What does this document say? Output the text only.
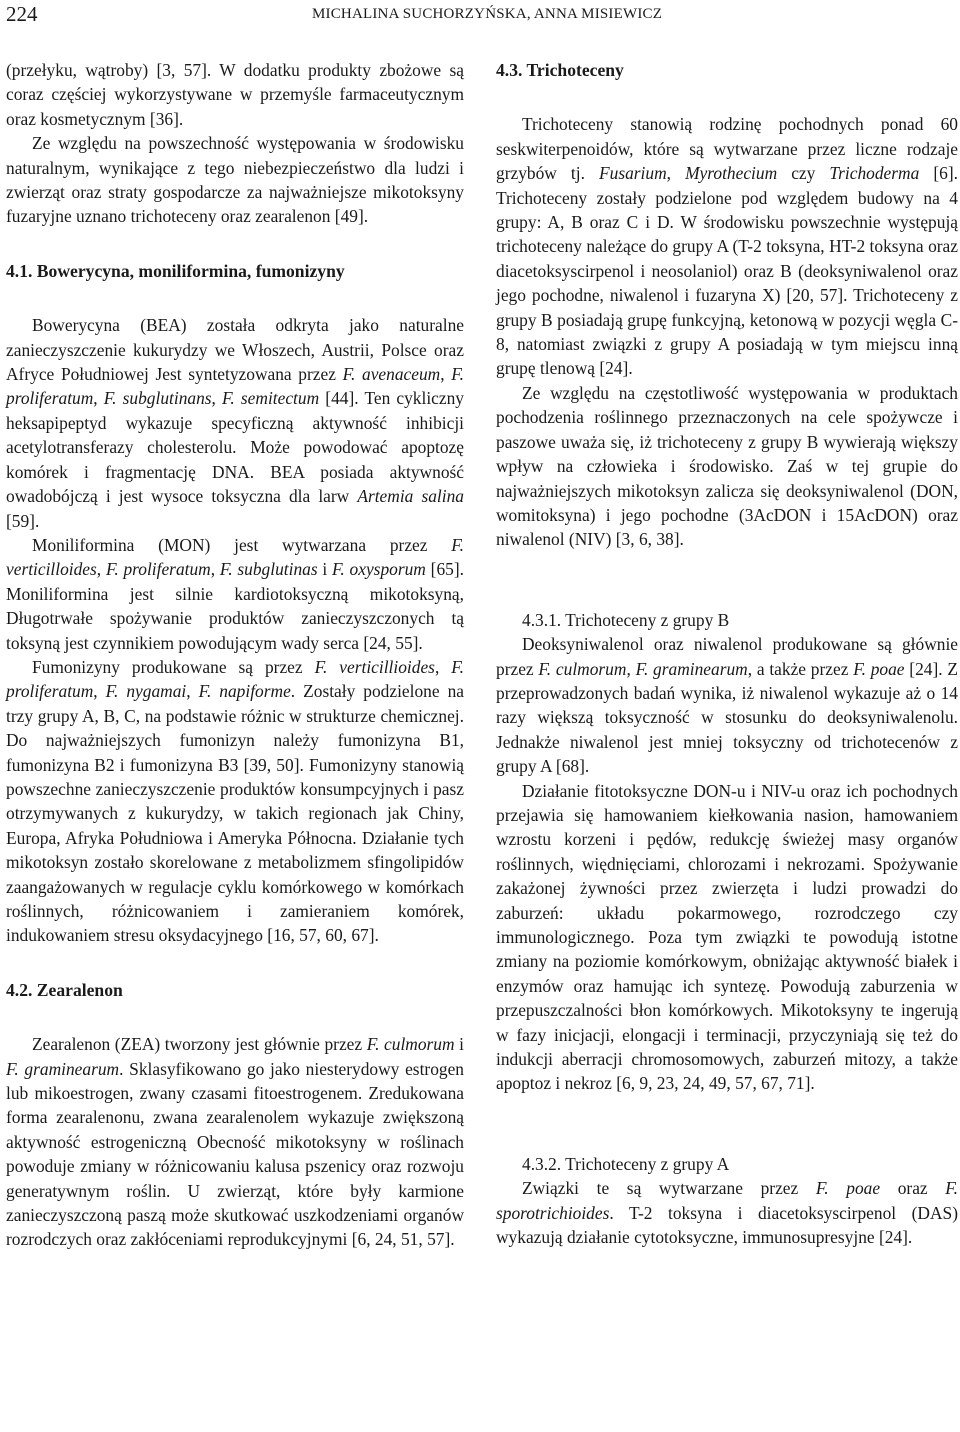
224	MICHALINA SUCHORZYŃSKA, ANNA MISIEWICZ

(przełyku, wątroby) [3, 57]. W dodatku produkty zbożowe są coraz częściej wykorzystywane w przemyśle farmaceutycznym oraz kosmetycznym [36].

Ze względu na powszechność występowania w środowisku naturalnym, wynikające z tego niebezpieczeństwo dla ludzi i zwierząt oraz straty gospodarcze za najważniejsze mikotoksyny fuzaryjne uznano trichoteceny oraz zearalenon [49].

4.1. Bowerycyna, moniliformina, fumonizyny

Bowerycyna (BEA) została odkryta jako naturalne zanieczyszczenie kukurydzy we Włoszech, Austrii, Polsce oraz Afryce Południowej Jest syntetyzowana przez F. avenaceum, F. proliferatum, F. subglutinans, F. semitectum [44]. Ten cykliczny heksapipeptyd wykazuje specyficzną aktywność inhibicji acetylotransferazy cholesterolu. Może powodować apoptozę komórek i fragmentację DNA. BEA posiada aktywność owadobójczą i jest wysoce toksyczna dla larw Artemia salina [59].

Moniliformina (MON) jest wytwarzana przez F. verticilloides, F. proliferatum, F. subglutinas i F. oxysporum [65]. Moniliformina jest silnie kardiotoksyczną mikotoksyną, Długotrwałe spożywanie produktów zanieczyszczonych tą toksyną jest czynnikiem powodującym wady serca [24, 55].

Fumonizyny produkowane są przez F. verticillioides, F. proliferatum, F. nygamai, F. napiforme. Zostały podzielone na trzy grupy A, B, C, na podstawie różnic w strukturze chemicznej. Do najważniejszych fumonizyn należy fumonizyna B1, fumonizyna B2 i fumonizyna B3 [39, 50]. Fumonizyny stanowią powszechne zanieczyszczenie produktów konsumpcyjnych i pasz otrzymywanych z kukurydzy, w takich regionach jak Chiny, Europa, Afryka Południowa i Ameryka Północna. Działanie tych mikotoksyn zostało skorelowane z metabolizmem sfingolipidów zaangażowanych w regulacje cyklu komórkowego w komórkach roślinnych, różnicowaniem i zamieraniem komórek, indukowaniem stresu oksydacyjnego [16, 57, 60, 67].

4.2. Zearalenon

Zearalenon (ZEA) tworzony jest głównie przez F. culmorum i F. graminearum. Sklasyfikowano go jako niesterydowy estrogen lub mikoestrogen, zwany czasami fitoestrogenem. Zredukowana forma zearalenonu, zwana zearalenolem wykazuje zwiększoną aktywność estrogeniczną Obecność mikotoksyny w roślinach powoduje zmiany w różnicowaniu kalusa pszenicy oraz rozwoju generatywnym roślin. U zwierząt, które były karmione zanieczyszczoną paszą może skutkować uszkodzeniami organów rozrodczych oraz zakłóceniami reprodukcyjnymi [6, 24, 51, 57].

4.3. Trichoteceny

Trichoteceny stanowią rodzinę pochodnych ponad 60 seskwiterpenoidów, które są wytwarzane przez liczne rodzaje grzybów tj. Fusarium, Myrothecium czy Trichoderma [6]. Trichoteceny zostały podzielone pod względem budowy na 4 grupy: A, B oraz C i D. W środowisku powszechnie występują trichoteceny należące do grupy A (T-2 toksyna, HT-2 toksyna oraz diacetoksyscirpenol i neosolaniol) oraz B (deoksyniwalenol oraz jego pochodne, niwalenol i fuzaryna X) [20, 57]. Trichoteceny z grupy B posiadają grupę funkcyjną, ketonową w pozycji węgla C-8, natomiast związki z grupy A posiadają w tym miejscu inną grupę tlenową [24].

Ze względu na częstotliwość występowania w produktach pochodzenia roślinnego przeznaczonych na cele spożywcze i paszowe uważa się, iż trichoteceny z grupy B wywierają większy wpływ na człowieka i środowisko. Zaś w tej grupie do najważniejszych mikotoksyn zalicza się deoksyniwalenol (DON, womitoksyna) i jego pochodne (3AcDON i 15AcDON) oraz niwalenol (NIV) [3, 6, 38].

4.3.1. Trichoteceny z grupy B

Deoksyniwalenol oraz niwalenol produkowane są głównie przez F. culmorum, F. graminearum, a także przez F. poae [24]. Z przeprowadzonych badań wynika, iż niwalenol wykazuje aż o 14 razy większą toksyczność w stosunku do deoksyniwalenolu. Jednakże niwalenol jest mniej toksyczny od trichotecenów z grupy A [68].

Działanie fitotoksyczne DON-u i NIV-u oraz ich pochodnych przejawia się hamowaniem kiełkowania nasion, hamowaniem wzrostu korzeni i pędów, redukcję świeżej masy organów roślinnych, więdnięciami, chlorozami i nekrozami. Spożywanie zakażonej żywności przez zwierzęta i ludzi prowadzi do zaburzeń: układu pokarmowego, rozrodczego czy immunologicznego. Poza tym związki te powodują istotne zmiany na poziomie komórkowym, obniżając aktywność białek i enzymów oraz hamując ich syntezę. Powodują zaburzenia w przepuszczalności błon komórkowych. Mikotoksyny te ingerują w fazy inicjacji, elongacji i terminacji, przyczyniają się też do indukcji aberracji chromosomowych, zaburzeń mitozy, a także apoptoz i nekroz [6, 9, 23, 24, 49, 57, 67, 71].

4.3.2. Trichoteceny z grupy A

Związki te są wytwarzane przez F. poae oraz F. sporotrichioides. T-2 toksyna i diacetoksyscirpenol (DAS) wykazują działanie cytotoksyczne, immunosupresyjne [24].
